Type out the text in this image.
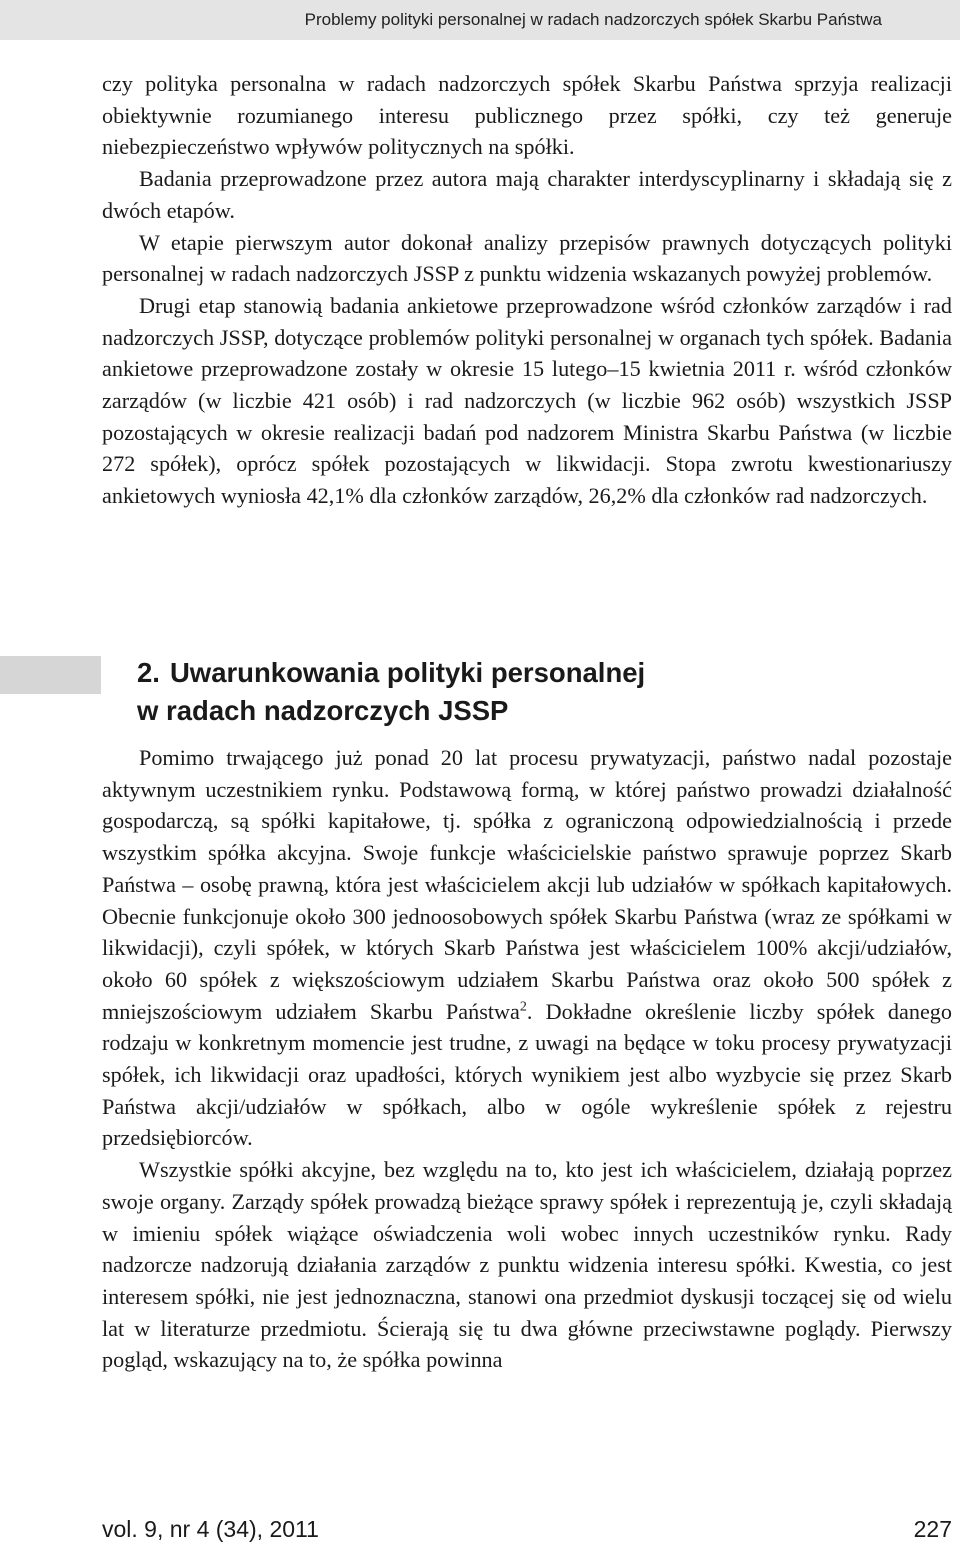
Problemy polityki personalnej w radach nadzorczych spółek Skarbu Państwa

czy polityka personalna w radach nadzorczych spółek Skarbu Państwa sprzyja realizacji obiektywnie rozumianego interesu publicznego przez spółki, czy też generuje niebezpieczeństwo wpływów politycznych na spółki.

Badania przeprowadzone przez autora mają charakter interdyscyplinarny i składają się z dwóch etapów.

W etapie pierwszym autor dokonał analizy przepisów prawnych dotyczących polityki personalnej w radach nadzorczych JSSP z punktu widzenia wskazanych powyżej problemów.

Drugi etap stanowią badania ankietowe przeprowadzone wśród członków zarządów i rad nadzorczych JSSP, dotyczące problemów polityki personalnej w organach tych spółek. Badania ankietowe przeprowadzone zostały w okresie 15 lutego–15 kwietnia 2011 r. wśród członków zarządów (w liczbie 421 osób) i rad nadzorczych (w liczbie 962 osób) wszystkich JSSP pozostających w okresie realizacji badań pod nadzorem Ministra Skarbu Państwa (w liczbie 272 spółek), oprócz spółek pozostających w likwidacji. Stopa zwrotu kwestionariuszy ankietowych wyniosła 42,1% dla członków zarządów, 26,2% dla członków rad nadzorczych.

2. Uwarunkowania polityki personalnej
w radach nadzorczych JSSP

Pomimo trwającego już ponad 20 lat procesu prywatyzacji, państwo nadal pozostaje aktywnym uczestnikiem rynku. Podstawową formą, w której państwo prowadzi działalność gospodarczą, są spółki kapitałowe, tj. spółka z ograniczoną odpowiedzialnością i przede wszystkim spółka akcyjna. Swoje funkcje właścicielskie państwo sprawuje poprzez Skarb Państwa – osobę prawną, która jest właścicielem akcji lub udziałów w spółkach kapitałowych. Obecnie funkcjonuje około 300 jednoosobowych spółek Skarbu Państwa (wraz ze spółkami w likwidacji), czyli spółek, w których Skarb Państwa jest właścicielem 100% akcji/udziałów, około 60 spółek z większościowym udziałem Skarbu Państwa oraz około 500 spółek z mniejszościowym udziałem Skarbu Państwa$^2$. Dokładne określenie liczby spółek danego rodzaju w konkretnym momencie jest trudne, z uwagi na będące w toku procesy prywatyzacji spółek, ich likwidacji oraz upadłości, których wynikiem jest albo wyzbycie się przez Skarb Państwa akcji/udziałów w spółkach, albo w ogóle wykreślenie spółek z rejestru przedsiębiorców.

Wszystkie spółki akcyjne, bez względu na to, kto jest ich właścicielem, działają poprzez swoje organy. Zarządy spółek prowadzą bieżące sprawy spółek i reprezentują je, czyli składają w imieniu spółek wiążące oświadczenia woli wobec innych uczestników rynku. Rady nadzorcze nadzorują działania zarządów z punktu widzenia interesu spółki. Kwestia, co jest interesem spółki, nie jest jednoznaczna, stanowi ona przedmiot dyskusji toczącej się od wielu lat w literaturze przedmiotu. Ścierają się tu dwa główne przeciwstawne poglądy. Pierwszy pogląd, wskazujący na to, że spółka powinna

vol. 9, nr 4 (34), 2011	227
